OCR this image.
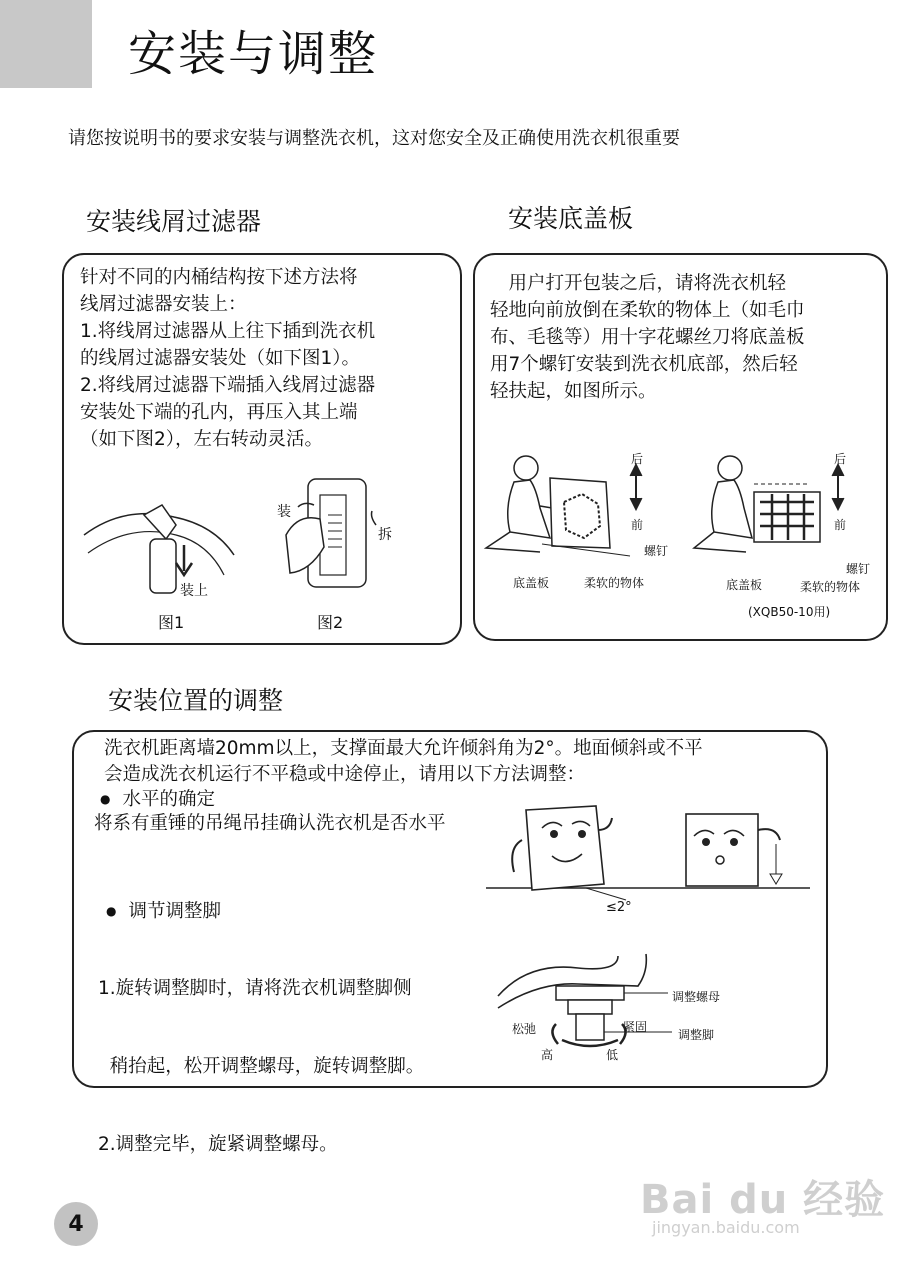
安装与调整
请您按说明书的要求安装与调整洗衣机，这对您安全及正确使用洗衣机很重要
安装线屑过滤器	安装底盖板
针对不同的内桶结构按下述方法将
线屑过滤器安装上：
1.将线屑过滤器从上往下插到洗衣机
的线屑过滤器安装处（如下图1）。
2.将线屑过滤器下端插入线屑过滤器
安装处下端的孔内，再压入其上端
（如下图2），左右转动灵活。
装上
图1
装
拆
图2
　用户打开包装之后，请将洗衣机轻
轻地向前放倒在柔软的物体上（如毛巾
布、毛毯等）用十字花螺丝刀将底盖板
用7个螺钉安装到洗衣机底部，然后轻
轻扶起，如图所示。
后
前
螺钉
底盖板	柔软的物体
后
前
螺钉
底盖板	柔软的物体
(XQB50-10用)
安装位置的调整
洗衣机距离墙20mm以上，支撑面最大允许倾斜角为2°。地面倾斜或不平
会造成洗衣机运行不平稳或中途停止，请用以下方法调整：
● 水平的确定
将系有重锤的吊绳吊挂确认洗衣机是否水平
≤2°
● 调节调整脚

1.旋转调整脚时，请将洗衣机调整脚侧

稍抬起，松开调整螺母，旋转调整脚。

2.调整完毕，旋紧调整螺母。

调整螺母
松弛	紧固
调整脚
高	低
4
Bai du 经验
jingyan.baidu.com
